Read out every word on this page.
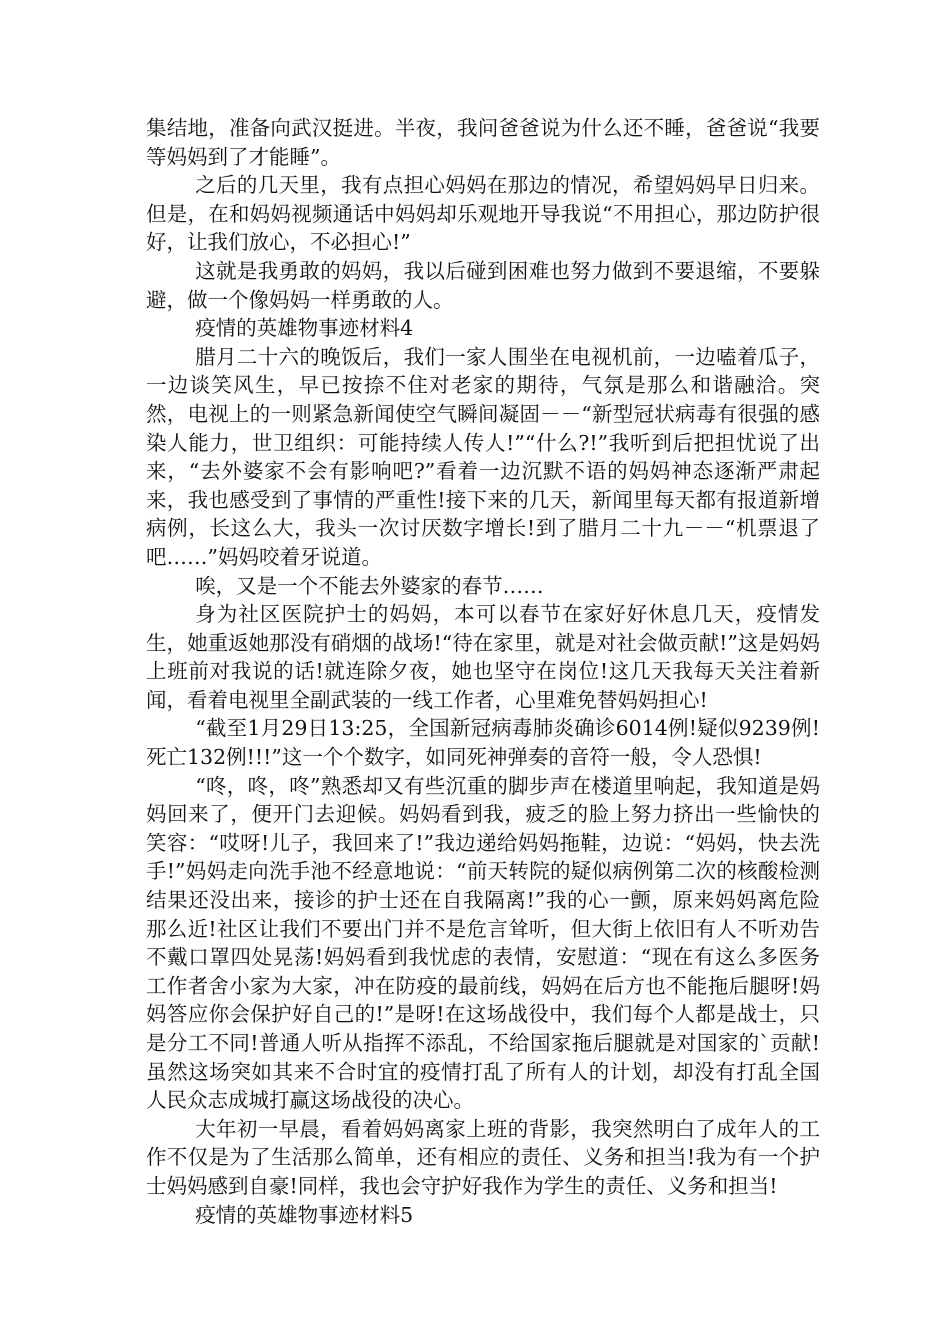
集结地，准备向武汉挺进。半夜，我问爸爸说为什么还不睡，爸爸说“我要等妈妈到了才能睡”。

之后的几天里，我有点担心妈妈在那边的情况，希望妈妈早日归来。但是，在和妈妈视频通话中妈妈却乐观地开导我说“不用担心，那边防护很好，让我们放心，不必担心!”

这就是我勇敢的妈妈，我以后碰到困难也努力做到不要退缩，不要躲避，做一个像妈妈一样勇敢的人。

疫情的英雄物事迹材料4

腊月二十六的晚饭后，我们一家人围坐在电视机前，一边嗑着瓜子，一边谈笑风生，早已按捺不住对老家的期待，气氛是那么和谐融洽。突然，电视上的一则紧急新闻使空气瞬间凝固－－“新型冠状病毒有很强的感染人能力，世卫组织：可能持续人传人!”“什么?!”我听到后把担忧说了出来，“去外婆家不会有影响吧?”看着一边沉默不语的妈妈神态逐渐严肃起来，我也感受到了事情的严重性!接下来的几天，新闻里每天都有报道新增病例，长这么大，我头一次讨厌数字增长!到了腊月二十九－－“机票退了吧……”妈妈咬着牙说道。

唉，又是一个不能去外婆家的春节……

身为社区医院护士的妈妈，本可以春节在家好好休息几天，疫情发生，她重返她那没有硝烟的战场!“待在家里，就是对社会做贡献!”这是妈妈上班前对我说的话!就连除夕夜，她也坚守在岗位!这几天我每天关注着新闻，看着电视里全副武装的一线工作者，心里难免替妈妈担心!

“截至1月29日13:25，全国新冠病毒肺炎确诊6014例!疑似9239例!死亡132例!!!”这一个个数字，如同死神弹奏的音符一般，令人恐惧!

“咚，咚，咚”熟悉却又有些沉重的脚步声在楼道里响起，我知道是妈妈回来了，便开门去迎候。妈妈看到我，疲乏的脸上努力挤出一些愉快的笑容：“哎呀!儿子，我回来了!”我边递给妈妈拖鞋，边说：“妈妈，快去洗手!”妈妈走向洗手池不经意地说：“前天转院的疑似病例第二次的核酸检测结果还没出来，接诊的护士还在自我隔离!”我的心一颤，原来妈妈离危险那么近!社区让我们不要出门并不是危言耸听，但大街上依旧有人不听劝告不戴口罩四处晃荡!妈妈看到我忧虑的表情，安慰道：“现在有这么多医务工作者舍小家为大家，冲在防疫的最前线，妈妈在后方也不能拖后腿呀!妈妈答应你会保护好自己的!”是呀!在这场战役中，我们每个人都是战士，只是分工不同!普通人听从指挥不添乱，不给国家拖后腿就是对国家的`贡献!虽然这场突如其来不合时宜的疫情打乱了所有人的计划，却没有打乱全国人民众志成城打赢这场战役的决心。

大年初一早晨，看着妈妈离家上班的背影，我突然明白了成年人的工作不仅是为了生活那么简单，还有相应的责任、义务和担当!我为有一个护士妈妈感到自豪!同样，我也会守护好我作为学生的责任、义务和担当!

疫情的英雄物事迹材料5
